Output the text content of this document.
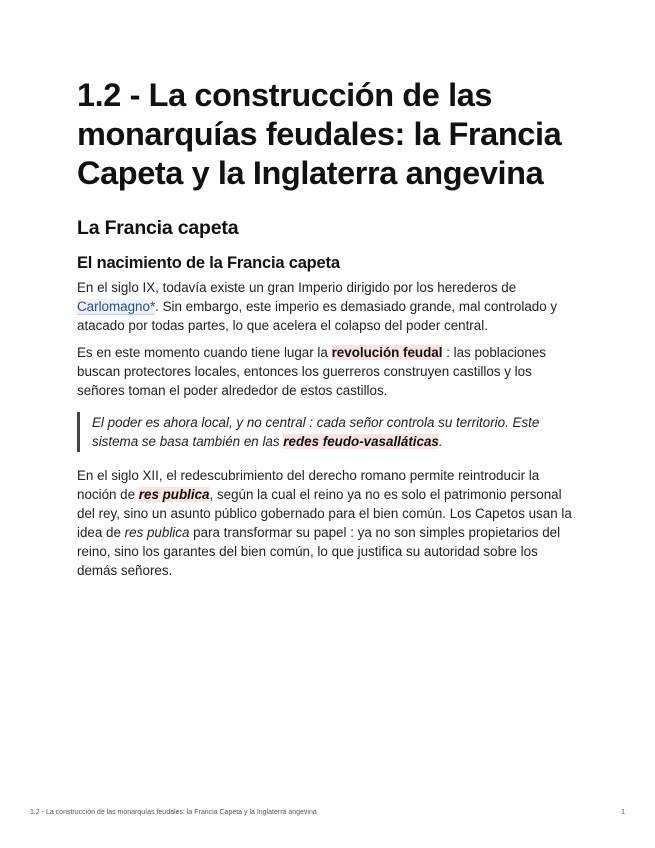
1.2 - La construcción de las monarquías feudales: la Francia Capeta y la Inglaterra angevina
La Francia capeta
El nacimiento de la Francia capeta

En el siglo IX, todavía existe un gran Imperio dirigido por los herederos de Carlomagno*. Sin embargo, este imperio es demasiado grande, mal controlado y atacado por todas partes, lo que acelera el colapso del poder central.

Es en este momento cuando tiene lugar la revolución feudal : las poblaciones buscan protectores locales, entonces los guerreros construyen castillos y los señores toman el poder alrededor de estos castillos.

El poder es ahora local, y no central : cada señor controla su territorio. Este sistema se basa también en las redes feudo-vasalláticas.

En el siglo XII, el redescubrimiento del derecho romano permite reintroducir la noción de res publica, según la cual el reino ya no es solo el patrimonio personal del rey, sino un asunto público gobernado para el bien común. Los Capetos usan la idea de res publica para transformar su papel : ya no son simples propietarios del reino, sino los garantes del bien común, lo que justifica su autoridad sobre los demás señores.

1.2 - La construcción de las monarquías feudales: la Francia Capeta y la Inglaterra angevina	1
